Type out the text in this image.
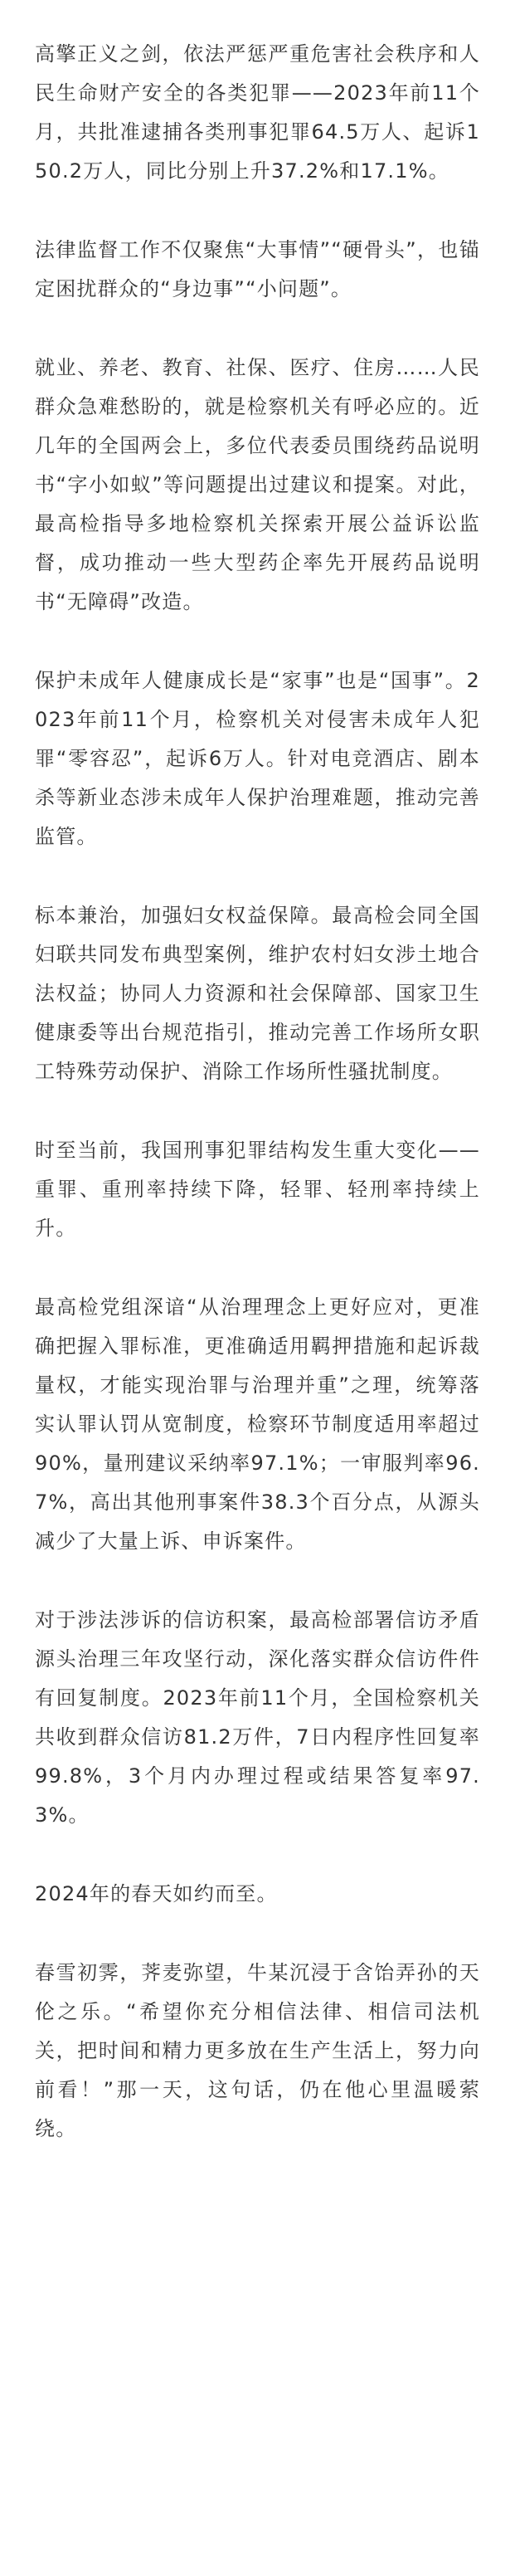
高擎正义之剑，依法严惩严重危害社会秩序和人民生命财产安全的各类犯罪——2023年前11个月，共批准逮捕各类刑事犯罪64.5万人、起诉150.2万人，同比分别上升37.2%和17.1%。

法律监督工作不仅聚焦“大事情”“硬骨头”，也锚定困扰群众的“身边事”“小问题”。

就业、养老、教育、社保、医疗、住房……人民群众急难愁盼的，就是检察机关有呼必应的。近几年的全国两会上，多位代表委员围绕药品说明书“字小如蚁”等问题提出过建议和提案。对此，最高检指导多地检察机关探索开展公益诉讼监督，成功推动一些大型药企率先开展药品说明书“无障碍”改造。

保护未成年人健康成长是“家事”也是“国事”。2023年前11个月，检察机关对侵害未成年人犯罪“零容忍”，起诉6万人。针对电竞酒店、剧本杀等新业态涉未成年人保护治理难题，推动完善监管。

标本兼治，加强妇女权益保障。最高检会同全国妇联共同发布典型案例，维护农村妇女涉土地合法权益；协同人力资源和社会保障部、国家卫生健康委等出台规范指引，推动完善工作场所女职工特殊劳动保护、消除工作场所性骚扰制度。

时至当前，我国刑事犯罪结构发生重大变化——重罪、重刑率持续下降，轻罪、轻刑率持续上升。

最高检党组深谙“从治理理念上更好应对，更准确把握入罪标准，更准确适用羁押措施和起诉裁量权，才能实现治罪与治理并重”之理，统筹落实认罪认罚从宽制度，检察环节制度适用率超过90%，量刑建议采纳率97.1%；一审服判率96.7%，高出其他刑事案件38.3个百分点，从源头减少了大量上诉、申诉案件。

对于涉法涉诉的信访积案，最高检部署信访矛盾源头治理三年攻坚行动，深化落实群众信访件件有回复制度。2023年前11个月，全国检察机关共收到群众信访81.2万件，7日内程序性回复率99.8%，3个月内办理过程或结果答复率97.3%。

2024年的春天如约而至。

春雪初霁，荠麦弥望，牛某沉浸于含饴弄孙的天伦之乐。“希望你充分相信法律、相信司法机关，把时间和精力更多放在生产生活上，努力向前看！”那一天，这句话，仍在他心里温暖萦绕。
